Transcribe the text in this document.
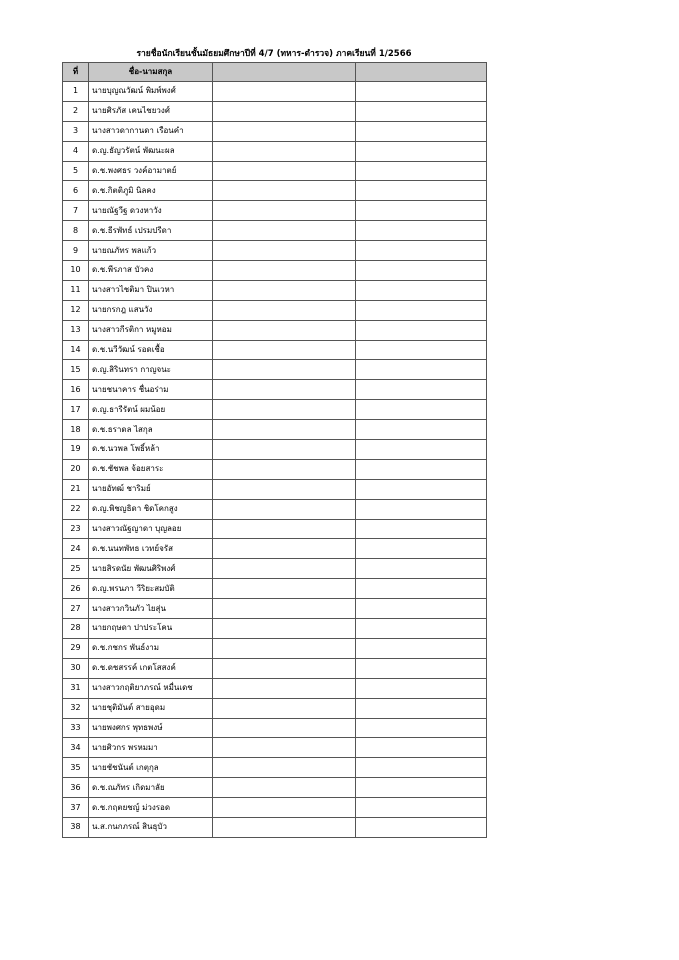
รายชื่อนักเรียนชั้นมัธยมศึกษาปีที่ 4/7 (ทหาร-ตำรวจ) ภาคเรียนที่ 1/2566
ที่	ชื่อ-นามสกุล		
1	นายบุญณวัฒน์ พิมพ์พงศ์		
2	นายศิรภัส เคนไชยวงศ์		
3	นางสาวดากานดา เรือนคำ		
4	ด.ญ.ธัญวรัตน์ พัฒนะผล		
5	ด.ช.พงศธร วงค์อามาตย์		
6	ด.ช.กิตติภูมิ นิลคง		
7	นายณัฐวีฐ ดวงหาวัง		
8	ด.ช.ธีรพัทธ์ เปรมปรีดา		
9	นายณภัทร พลแก้ว		
10	ด.ช.พีรภาส บัวคง		
11	นางสาวไชติมา ปินเวหา		
12	นายกรกฎ แสนวัง		
13	นางสาวกีรติกา หมูหอม		
14	ด.ช.นวีวัฒน์ รอดเชื้อ		
15	ด.ญ.สิรินทรา กาญจนะ		
16	นายชนาคาร ชื่นอร่าม		
17	ด.ญ.ธารีรัตน์ ผมน้อย		
18	ด.ช.ธราดล ไสกุล		
19	ด.ช.นวพล โพธิ์หล้า		
20	ด.ช.ชัชพล จ้อยสาระ		
21	นายอัทฒ์ ชาริมย์		
22	ด.ญ.พิชญธิดา ชิดโคกสูง		
23	นางสาวณัฐญาดา บุญลอย		
24	ด.ช.นนทพัทธ เวทย์จรัส		
25	นายสิรดนัย พัฒนศิริพงศ์		
26	ด.ญ.พรนภา วีริยะสมบัติ		
27	นางสาวกวินภัว ไยสุ่น		
28	นายกฤษดา ปาประโคน		
29	ด.ช.กชกร พันธ์งาม		
30	ด.ช.ดชสรรค์ เกตโสสงค์		
31	นางสาวกฤติยาภรณ์ หมื่นเดช		
32	นายชุติมันต์ สายอุดม		
33	นายพงศกร พุทธพงษ์		
34	นายศิวกร พรหมมา		
35	นายชัชนันต์ เกตุกุล		
36	ด.ช.ณภัทร เกิดมาลัย		
37	ด.ช.กฤตยชญ์ ม่วงรอด		
38	น.ส.กนกภรณ์ สินธุบัว		
